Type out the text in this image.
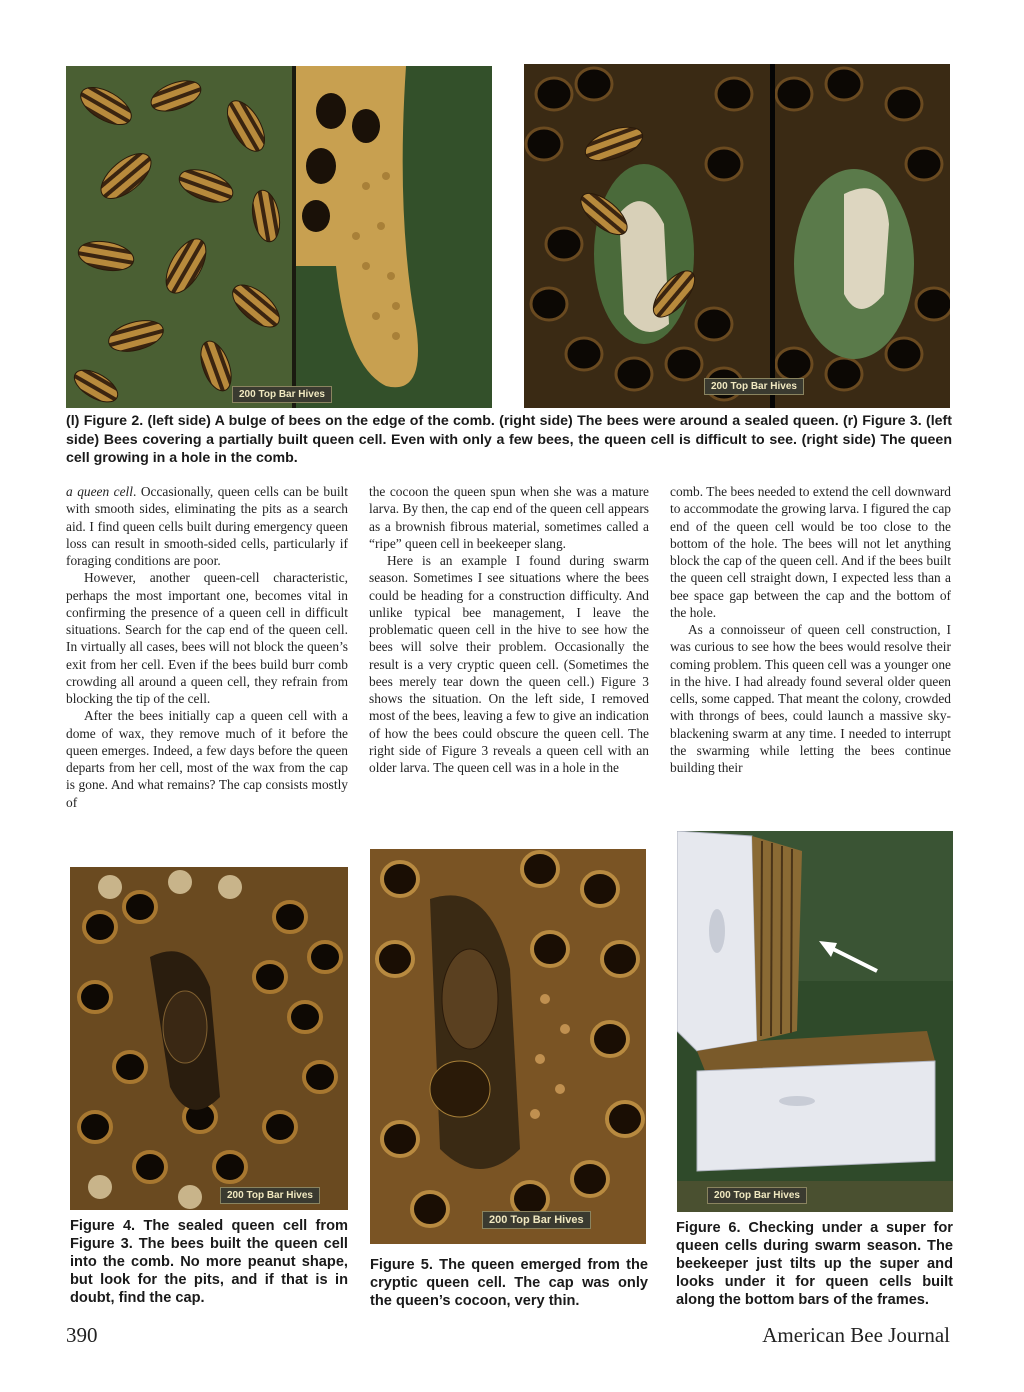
200 Top Bar Hives
200 Top Bar Hives
(l) Figure 2. (left side) A bulge of bees on the edge of the comb. (right side) The bees were around a sealed queen. (r) Figure 3. (left side) Bees covering a partially built queen cell. Even with only a few bees, the queen cell is difficult to see. (right side) The queen cell growing in a hole in the comb.

a queen cell. Occasionally, queen cells can be built with smooth sides, eliminating the pits as a search aid. I find queen cells built during emergency queen loss can result in smooth-sided cells, particularly if foraging conditions are poor.

However, another queen-cell characteristic, perhaps the most important one, becomes vital in confirming the presence of a queen cell in difficult situations. Search for the cap end of the queen cell. In virtually all cases, bees will not block the queen’s exit from her cell. Even if the bees build burr comb crowding all around a queen cell, they refrain from blocking the tip of the cell.

After the bees initially cap a queen cell with a dome of wax, they remove much of it before the queen emerges. Indeed, a few days before the queen departs from her cell, most of the wax from the cap is gone. And what remains? The cap consists mostly of

the cocoon the queen spun when she was a mature larva. By then, the cap end of the queen cell appears as a brownish fibrous material, sometimes called a “ripe” queen cell in beekeeper slang.

Here is an example I found during swarm season. Sometimes I see situations where the bees could be heading for a construction difficulty. And unlike typical bee management, I leave the problematic queen cell in the hive to see how the bees will solve their problem. Occasionally the result is a very cryptic queen cell. (Sometimes the bees merely tear down the queen cell.) Figure 3 shows the situation. On the left side, I removed most of the bees, leaving a few to give an indication of how the bees could obscure the queen cell. The right side of Figure 3 reveals a queen cell with an older larva. The queen cell was in a hole in the

comb. The bees needed to extend the cell downward to accommodate the growing larva. I figured the cap end of the queen cell would be too close to the bottom of the hole. The bees will not let anything block the cap of the queen cell. And if the bees built the queen cell straight down, I expected less than a bee space gap between the cap and the bottom of the hole.

As a connoisseur of queen cell construction, I was curious to see how the bees would resolve their coming problem. This queen cell was a younger one in the hive. I had already found several older queen cells, some capped. That meant the colony, crowded with throngs of bees, could launch a massive sky-blackening swarm at any time. I needed to interrupt the swarming while letting the bees continue building their

200 Top Bar Hives
Figure 4. The sealed queen cell from Figure 3. The bees built the queen cell into the comb. No more peanut shape, but look for the pits, and if that is in doubt, find the cap.
200 Top Bar Hives
Figure 5. The queen emerged from the cryptic queen cell. The cap was only the queen’s cocoon, very thin.
200 Top Bar Hives
Figure 6. Checking under a super for queen cells during swarm season. The beekeeper just tilts up the super and looks under it for queen cells built along the bottom bars of the frames.
390	American Bee Journal
